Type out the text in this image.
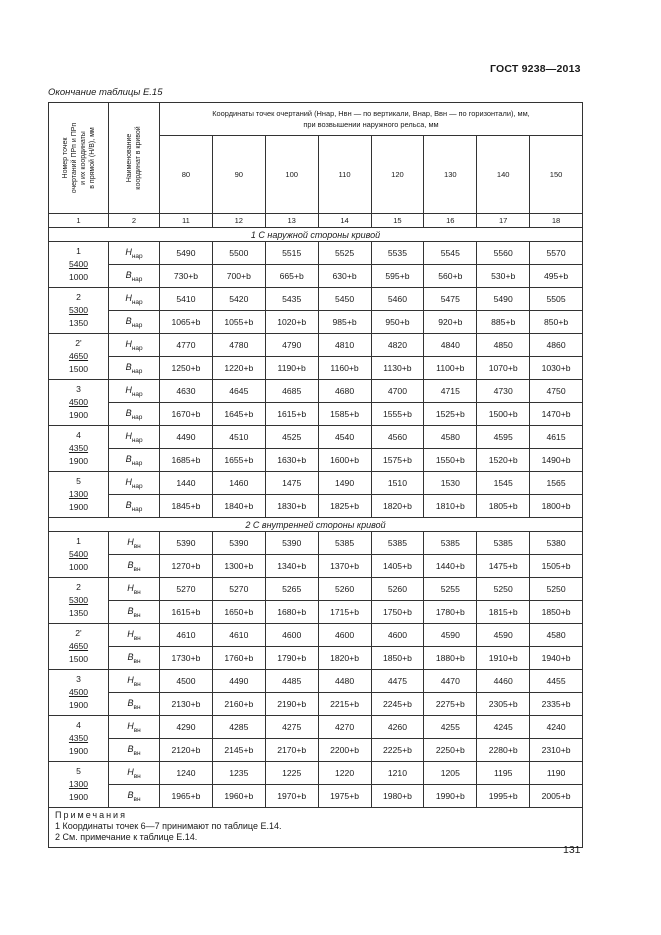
ГОСТ 9238—2013
Окончание таблицы Е.15
Номер точек очертаний ПРп и ПРп и их координаты в прямой (H/B), мм	Наименование координат в кривой	Координаты точек очертаний (Hнар, Hвн — по вертикали, Bнар, Bвн — по горизонтали), мм,
при возвышении наружного рельса, мм							
		80	90	100	110	120	130	140	150
1	2	11	12	13	14	15	16	17	18
1 С наружной стороны кривой									

1
5400
1000	$H_{нар}$	5490	5500	5515	5525	5535	5545	5560	5570
	$B_{нар}$	730+b	700+b	665+b	630+b	595+b	560+b	530+b	495+b

2
5300
1350	$H_{нар}$	5410	5420	5435	5450	5460	5475	5490	5505
	$B_{нар}$	1065+b	1055+b	1020+b	985+b	950+b	920+b	885+b	850+b

2'
4650
1500	$H_{нар}$	4770	4780	4790	4810	4820	4840	4850	4860
	$B_{нар}$	1250+b	1220+b	1190+b	1160+b	1130+b	1100+b	1070+b	1030+b

3
4500
1900	$H_{нар}$	4630	4645	4685	4680	4700	4715	4730	4750
	$B_{нар}$	1670+b	1645+b	1615+b	1585+b	1555+b	1525+b	1500+b	1470+b

4
4350
1900	$H_{нар}$	4490	4510	4525	4540	4560	4580	4595	4615
	$B_{нар}$	1685+b	1655+b	1630+b	1600+b	1575+b	1550+b	1520+b	1490+b

5
1300
1900	$H_{нар}$	1440	1460	1475	1490	1510	1530	1545	1565
	$B_{нар}$	1845+b	1840+b	1830+b	1825+b	1820+b	1810+b	1805+b	1800+b
2 С внутренней стороны кривой									

1
5400
1000	$H_{вн}$	5390	5390	5390	5385	5385	5385	5385	5380
	$B_{вн}$	1270+b	1300+b	1340+b	1370+b	1405+b	1440+b	1475+b	1505+b

2
5300
1350	$H_{вн}$	5270	5270	5265	5260	5260	5255	5250	5250
	$B_{вн}$	1615+b	1650+b	1680+b	1715+b	1750+b	1780+b	1815+b	1850+b

2'
4650
1500	$H_{вн}$	4610	4610	4600	4600	4600	4590	4590	4580
	$B_{вн}$	1730+b	1760+b	1790+b	1820+b	1850+b	1880+b	1910+b	1940+b

3
4500
1900	$H_{вн}$	4500	4490	4485	4480	4475	4470	4460	4455
	$B_{вн}$	2130+b	2160+b	2190+b	2215+b	2245+b	2275+b	2305+b	2335+b

4
4350
1900	$H_{вн}$	4290	4285	4275	4270	4260	4255	4245	4240
	$B_{вн}$	2120+b	2145+b	2170+b	2200+b	2225+b	2250+b	2280+b	2310+b

5
1300
1900	$H_{вн}$	1240	1235	1225	1220	1210	1205	1195	1190
	$B_{вн}$	1965+b	1960+b	1970+b	1975+b	1980+b	1990+b	1995+b	2005+b

Примечания
1 Координаты точек 6—7 принимают по таблице Е.14.
2 См. примечание к таблице Е.14.									
131
